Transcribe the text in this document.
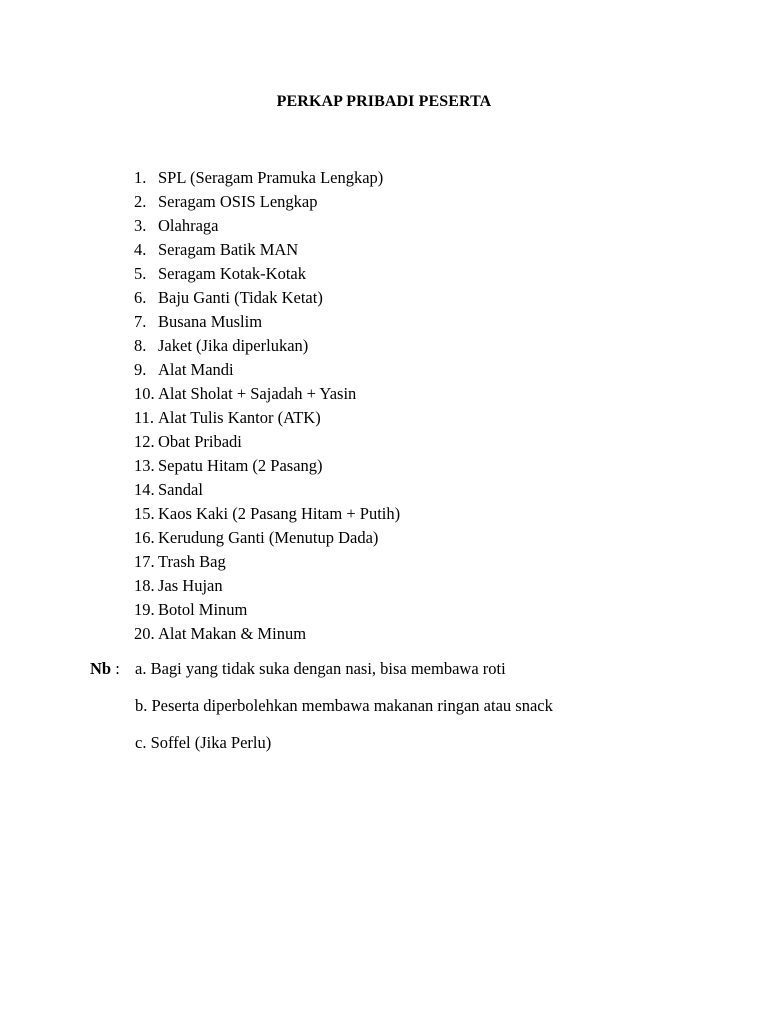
PERKAP PRIBADI PESERTA
1. SPL (Seragam Pramuka Lengkap)
2. Seragam OSIS Lengkap
3. Olahraga
4. Seragam Batik MAN
5. Seragam Kotak-Kotak
6. Baju Ganti (Tidak Ketat)
7. Busana Muslim
8. Jaket (Jika diperlukan)
9. Alat Mandi
10. Alat Sholat + Sajadah + Yasin
11. Alat Tulis Kantor (ATK)
12. Obat Pribadi
13. Sepatu Hitam (2 Pasang)
14. Sandal
15. Kaos Kaki (2 Pasang Hitam + Putih)
16. Kerudung Ganti (Menutup Dada)
17. Trash Bag
18. Jas Hujan
19. Botol Minum
20. Alat Makan & Minum
Nb : a. Bagi yang tidak suka dengan nasi, bisa membawa roti
b. Peserta diperbolehkan membawa makanan ringan atau snack
c. Soffel (Jika Perlu)
